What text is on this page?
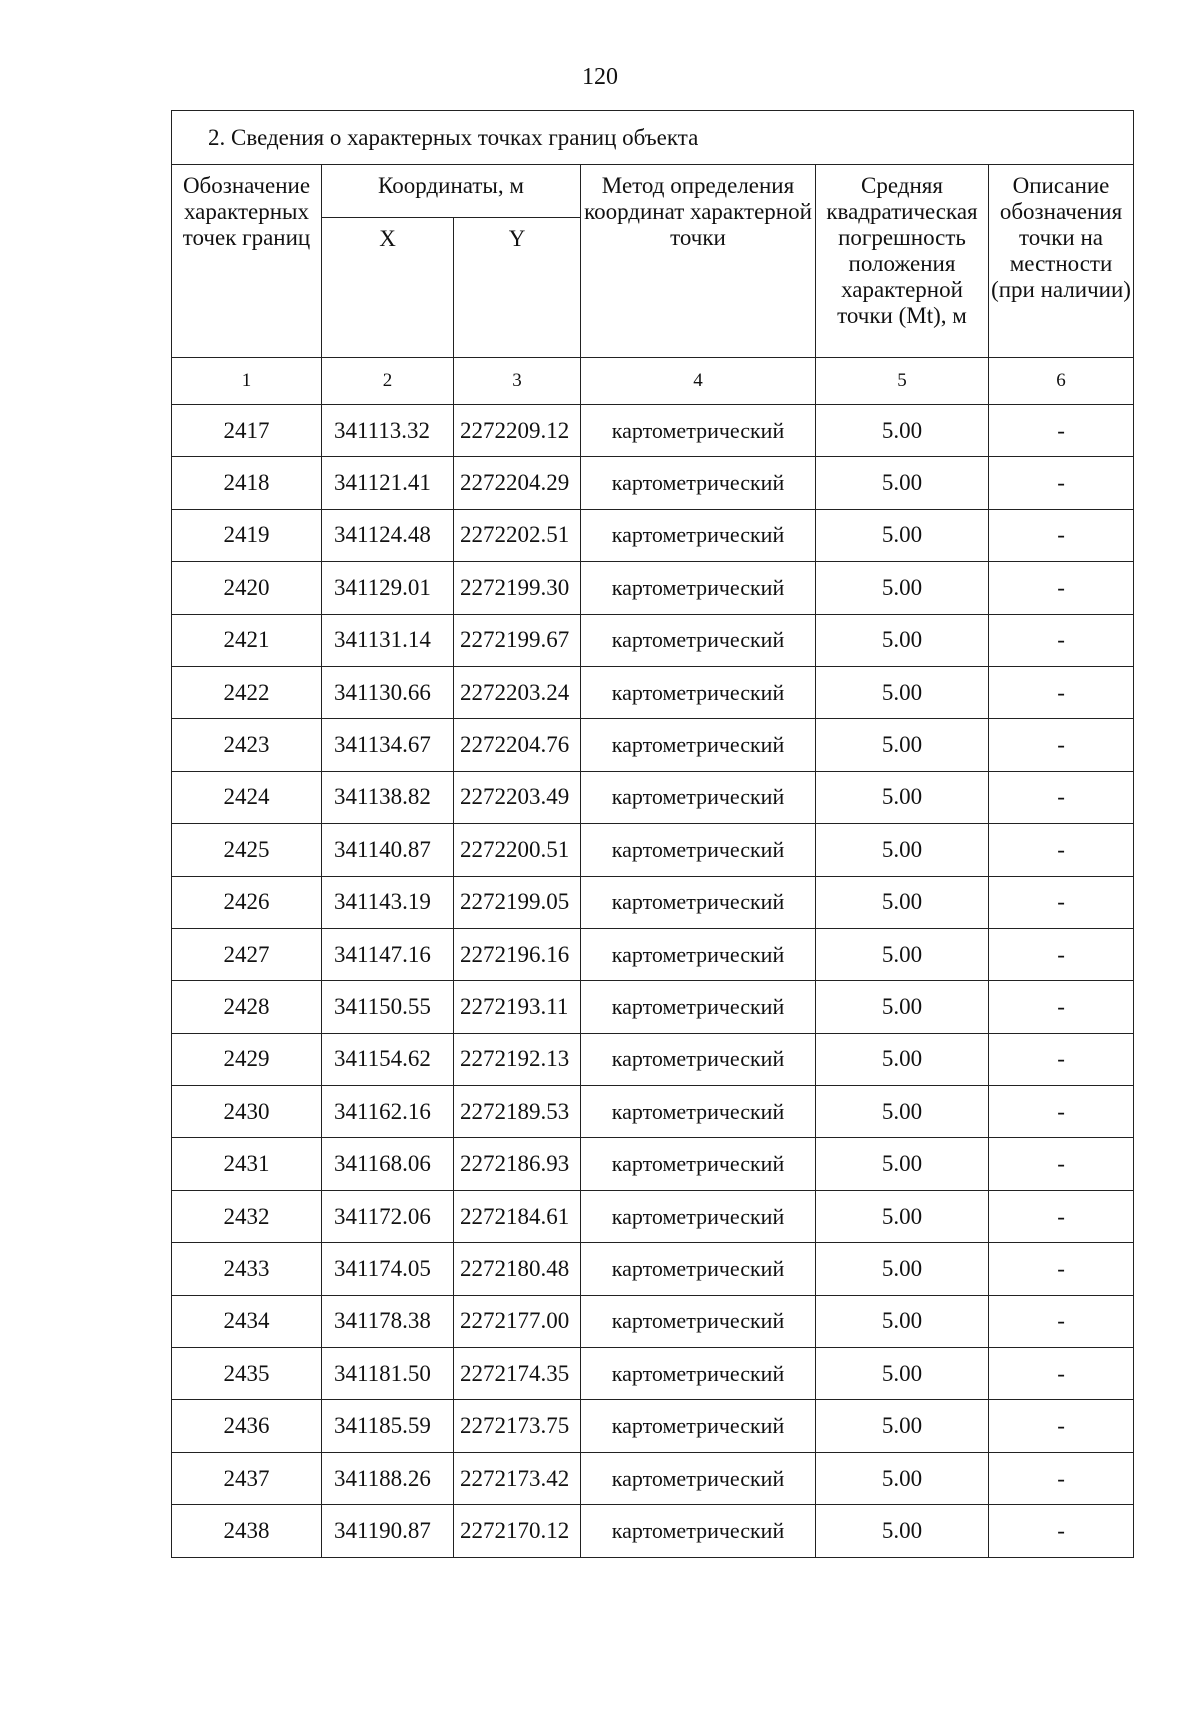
120
2. Сведения о характерных точках границ объекта					
Обозначение характерных точек границ	Координаты, м		Метод определения координат характерной точки	Средняя квадратическая погрешность положения характерной точки (Mt), м	Описание обозначения точки на местности (при наличии)
	X	Y			
1	2	3	4	5	6
2417	341113.32	2272209.12	картометрический	5.00	-
2418	341121.41	2272204.29	картометрический	5.00	-
2419	341124.48	2272202.51	картометрический	5.00	-
2420	341129.01	2272199.30	картометрический	5.00	-
2421	341131.14	2272199.67	картометрический	5.00	-
2422	341130.66	2272203.24	картометрический	5.00	-
2423	341134.67	2272204.76	картометрический	5.00	-
2424	341138.82	2272203.49	картометрический	5.00	-
2425	341140.87	2272200.51	картометрический	5.00	-
2426	341143.19	2272199.05	картометрический	5.00	-
2427	341147.16	2272196.16	картометрический	5.00	-
2428	341150.55	2272193.11	картометрический	5.00	-
2429	341154.62	2272192.13	картометрический	5.00	-
2430	341162.16	2272189.53	картометрический	5.00	-
2431	341168.06	2272186.93	картометрический	5.00	-
2432	341172.06	2272184.61	картометрический	5.00	-
2433	341174.05	2272180.48	картометрический	5.00	-
2434	341178.38	2272177.00	картометрический	5.00	-
2435	341181.50	2272174.35	картометрический	5.00	-
2436	341185.59	2272173.75	картометрический	5.00	-
2437	341188.26	2272173.42	картометрический	5.00	-
2438	341190.87	2272170.12	картометрический	5.00	-
